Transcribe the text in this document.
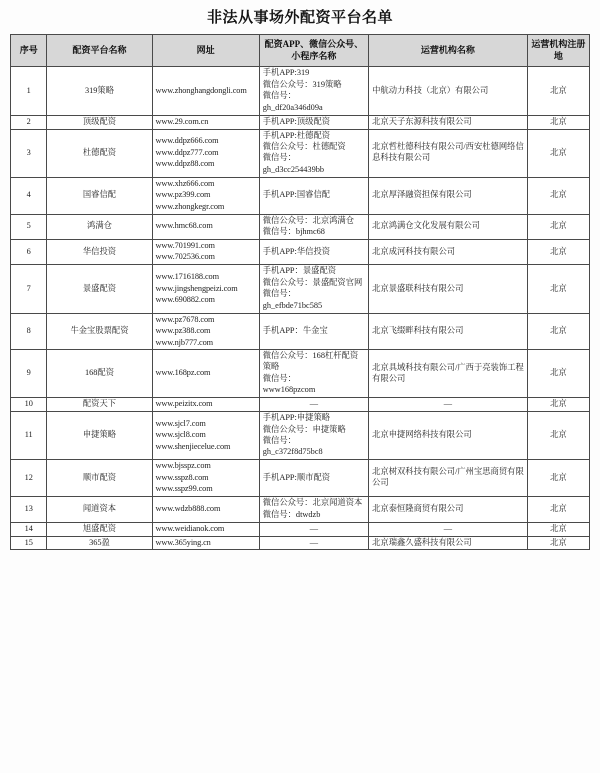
非法从事场外配资平台名单
序号	配资平台名称	网址	配资APP、微信公众号、小程序名称	运营机构名称	运营机构注册地
1	319策略	www.zhonghangdongli.com	手机APP:319
微信公众号：319策略
微信号：
gh_df20a346d09a	中航动力科技（北京）有限公司	北京
2	顶级配资	www.29.com.cn	手机APP:顶级配资	北京天子东源科技有限公司	北京
3	杜德配资	www.ddpz666.com
www.ddpz777.com
www.ddpz88.com	手机APP:杜德配资
微信公众号：杜德配资
微信号：
gh_d3cc254439bb	北京哲杜德科技有限公司/西安杜德网络信息科技有限公司	北京
4	国睿信配	www.xhz666.com
www.pz399.com
www.zhongkegr.com	手机APP:国睿信配	北京厚泽融资担保有限公司	北京
5	鸿满仓	www.hmc68.com	微信公众号：北京鸿满仓
微信号：bjhmc68	北京鸿满仓文化发展有限公司	北京
6	华信投资	www.701991.com
www.702536.com	手机APP:华信投资	北京成河科技有限公司	北京
7	景盛配资	www.1716188.com
www.jingshengpeizi.com
www.690882.com	手机APP：景盛配资
微信公众号：景盛配资官网
微信号：
gh_efbde71bc585	北京景盛联科技有限公司	北京
8	牛金宝股票配资	www.pz7678.com
www.pz388.com
www.njb777.com	手机APP：牛金宝	北京飞缀畔科技有限公司	北京
9	168配资	www.168pz.com	微信公众号：168杠杆配资策略
微信号：
www168pzcom	北京具域科技有限公司/广西于亮装饰工程有限公司	北京
10	配资天下	www.peizitx.com	—	—	北京
11	申捷策略	www.sjcl7.com
www.sjcl8.com
www.shenjiecelue.com	手机APP:申捷策略
微信公众号：申捷策略
微信号：
gh_c372f8d75bc8	北京申捷网络科技有限公司	北京
12	顺市配资	www.bjsspz.com
www.sspz8.com
www.sspz99.com	手机APP:顺市配资	北京树双科技有限公司/广州宝思商贸有限公司	北京
13	闻道资本	www.wdzb888.com	微信公众号：北京闻道资本
微信号：dtwdzb	北京泰恒隆商贸有限公司	北京
14	旭盛配资	www.weidianok.com	—	—	北京
15	365盈	www.365ying.cn	—	北京瑞鑫久盛科技有限公司	北京
